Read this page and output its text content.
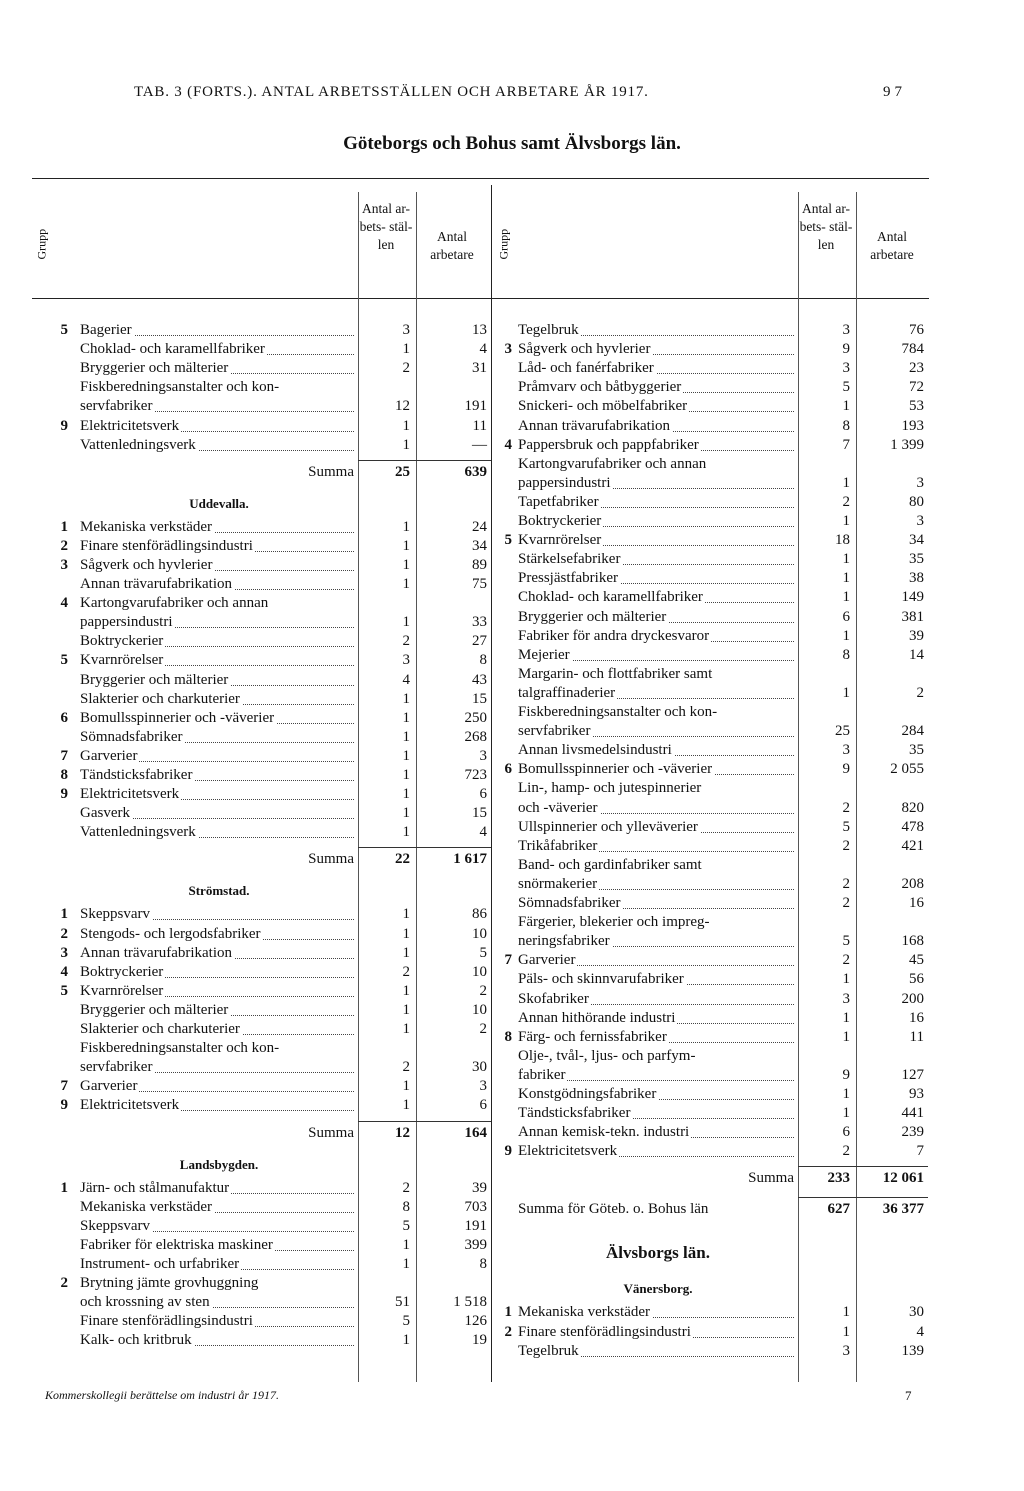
TAB. 3 (FORTS.). ANTAL ARBETSSTÄLLEN OCH ARBETARE ÅR 1917.	97
Göteborgs och Bohus samt Älvsborgs län.
Grupp
Antal ar- bets- stäl- len
Antal arbetare	Grupp
Antal ar- bets- stäl- len
Antal arbetare
5 Bagerier	3	13
Choklad- och karamellfabriker	1	4
Bryggerier och mälterier	2	31
Fiskberedningsanstalter och kon-
servfabriker	12	191
9 Elektricitetsverk	1	11
Vattenledningsverk	1	—
Summa	25	639
Uddevalla.
1 Mekaniska verkstäder	1	24
2 Finare stenförädlingsindustri	1	34
3 Sågverk och hyvlerier	1	89
Annan trävarufabrikation	1	75
4 Kartongvarufabriker och annan
pappersindustri	1	33
Boktryckerier	2	27
5 Kvarnrörelser	3	8
Bryggerier och mälterier	4	43
Slakterier och charkuterier	1	15
6 Bomullsspinnerier och -väverier	1	250
Sömnadsfabriker	1	268
7 Garverier	1	3
8 Tändsticksfabriker	1	723
9 Elektricitetsverk	1	6
Gasverk	1	15
Vattenledningsverk	1	4
Summa	22	1 617
Strömstad.
1 Skeppsvarv	1	86
2 Stengods- och lergodsfabriker	1	10
3 Annan trävarufabrikation	1	5
4 Boktryckerier	2	10
5 Kvarnrörelser	1	2
Bryggerier och mälterier	1	10
Slakterier och charkuterier	1	2
Fiskberedningsanstalter och kon-
servfabriker	2	30
7 Garverier	1	3
9 Elektricitetsverk	1	6
Summa	12	164
Landsbygden.
1 Järn- och stålmanufaktur	2	39
Mekaniska verkstäder	8	703
Skeppsvarv	5	191
Fabriker för elektriska maskiner	1	399
Instrument- och urfabriker	1	8
2 Brytning jämte grovhuggning
och krossning av sten	51	1 518
Finare stenförädlingsindustri	5	126
Kalk- och kritbruk	1	19
Tegelbruk	3	76
3 Sågverk och hyvlerier	9	784
Låd- och fanérfabriker	3	23
Pråmvarv och båtbyggerier	5	72
Snickeri- och möbelfabriker	1	53
Annan trävarufabrikation	8	193
4 Pappersbruk och pappfabriker	7	1 399
Kartongvarufabriker och annan
pappersindustri	1	3
Tapetfabriker	2	80
Boktryckerier	1	3
5 Kvarnrörelser	18	34
Stärkelsefabriker	1	35
Pressjästfabriker	1	38
Choklad- och karamellfabriker	1	149
Bryggerier och mälterier	6	381
Fabriker för andra dryckesvaror	1	39
Mejerier	8	14
Margarin- och flottfabriker samt
talgraffinaderier	1	2
Fiskberedningsanstalter och kon-
servfabriker	25	284
Annan livsmedelsindustri	3	35
6 Bomullsspinnerier och -väverier	9	2 055
Lin-, hamp- och jutespinnerier
och -väverier	2	820
Ullspinnerier och ylleväverier	5	478
Trikåfabriker	2	421
Band- och gardinfabriker samt
snörmakerier	2	208
Sömnadsfabriker	2	16
Färgerier, blekerier och impreg-
neringsfabriker	5	168
7 Garverier	2	45
Päls- och skinnvarufabriker	1	56
Skofabriker	3	200
Annan hithörande industri	1	16
8 Färg- och fernissfabriker	1	11
Olje-, tvål-, ljus- och parfym-
fabriker	9	127
Konstgödningsfabriker	1	93
Tändsticksfabriker	1	441
Annan kemisk-tekn. industri	6	239
9 Elektricitetsverk	2	7
Summa	233	12 061
Summa för Göteb. o. Bohus län	627	36 377
Älvsborgs län.
Vänersborg.
1 Mekaniska verkstäder	1	30
2 Finare stenförädlingsindustri	1	4
Tegelbruk	3	139
Kommerskollegii berättelse om industri år 1917.	7
